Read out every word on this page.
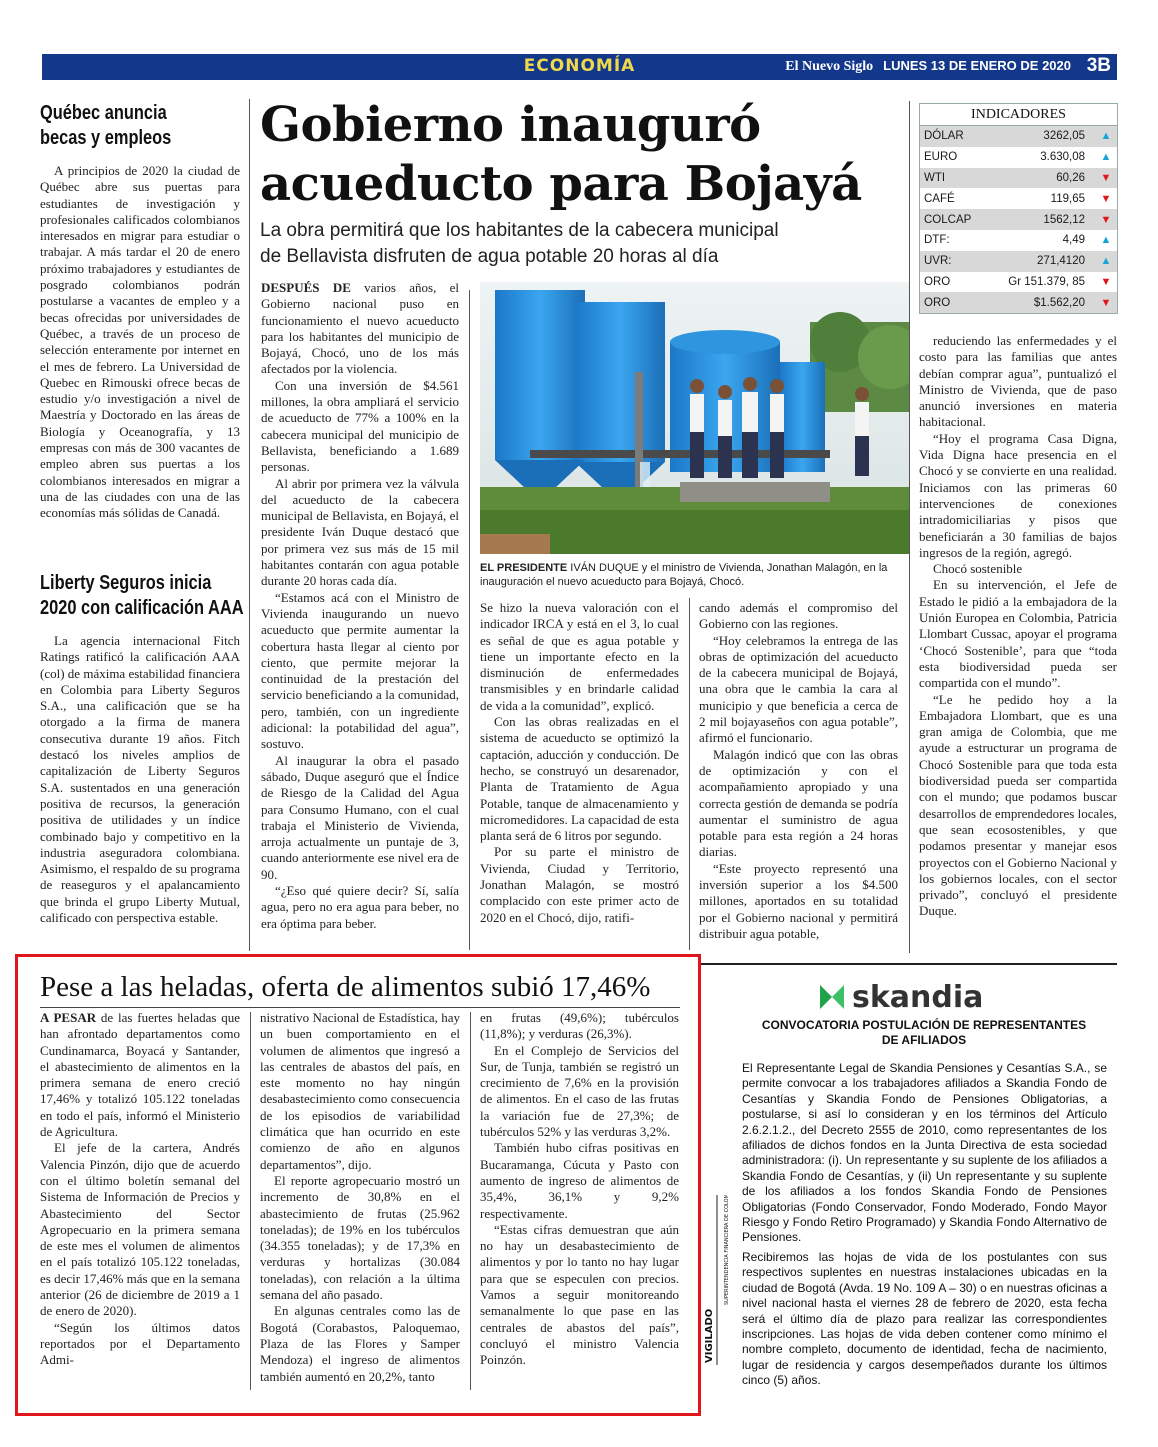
ECONOMÍA	El Nuevo Siglo LUNES 13 DE ENERO DE 2020 3B
Québec anuncia
becas y empleos

A principios de 2020 la ciudad de Québec abre sus puertas para estudiantes de investigación y profesionales calificados colombianos interesados en migrar para estudiar o trabajar. A más tardar el 20 de enero próximo trabajadores y estudiantes de posgrado colombianos podrán postularse a vacantes de empleo y a becas ofrecidas por universidades de Québec, a través de un proceso de selección enteramente por internet en el mes de febrero. La Universidad de Quebec en Rimouski ofrece becas de estudio y/o investigación a nivel de Maestría y Doctorado en las áreas de Biología y Oceanografía, y 13 empresas con más de 300 vacantes de empleo abren sus puertas a los colombianos interesados en migrar a una de las ciudades con una de las economías más sólidas de Canadá.

Liberty Seguros inicia
2020 con calificación AAA

La agencia internacional Fitch Ratings ratificó la calificación AAA (col) de máxima estabilidad financiera en Colombia para Liberty Seguros S.A., una calificación que se ha otorgado a la firma de manera consecutiva durante 19 años. Fitch destacó los niveles amplios de capitalización de Liberty Seguros S.A. sustentados en una generación positiva de recursos, la generación positiva de utilidades y un índice combinado bajo y competitivo en la industria aseguradora colombiana. Asimismo, el respaldo de su programa de reaseguros y el apalancamiento que brinda el grupo Liberty Mutual, calificado con perspectiva estable.

Gobierno inauguró
acueducto para Bojayá
La obra permitirá que los habitantes de la cabecera municipal
de Bellavista disfruten de agua potable 20 horas al día
INDICADORES
DÓLAR	3262,05	▲
EURO	3.630,08	▲
WTI	60,26	▼
CAFÉ	119,65	▼
COLCAP	1562,12	▼
DTF:	4,49	▲
UVR:	271,4120	▲
ORO	Gr 151.379, 85	▼
ORO	$1.562,20	▼

DESPUÉS DE varios años, el Gobierno nacional puso en funcionamiento el nuevo acueducto para los habitantes del municipio de Bojayá, Chocó, uno de los más afectados por la violencia.

Con una inversión de $4.561 millones, la obra ampliará el servicio de acueducto de 77% a 100% en la cabecera municipal del municipio de Bellavista, beneficiando a 1.689 personas.

Al abrir por primera vez la válvula del acueducto de la cabecera municipal de Bellavista, en Bojayá, el presidente Iván Duque destacó que por primera vez sus más de 15 mil habitantes contarán con agua potable durante 20 horas cada día.

“Estamos acá con el Ministro de Vivienda inaugurando un nuevo acueducto que permite aumentar la cobertura hasta llegar al ciento por ciento, que permite mejorar la continuidad de la prestación del servicio beneficiando a la comunidad, pero, también, con un ingrediente adicional: la potabilidad del agua”, sostuvo.

Al inaugurar la obra el pasado sábado, Duque aseguró que el Índice de Riesgo de la Calidad del Agua para Consumo Humano, con el cual trabaja el Ministerio de Vivienda, arroja actualmente un puntaje de 3, cuando anteriormente ese nivel era de 90.

“¿Eso qué quiere decir? Sí, salía agua, pero no era agua para beber, no era óptima para beber.

EL PRESIDENTE IVÁN DUQUE y el ministro de Vivienda, Jonathan Malagón, en la inauguración el nuevo acueducto para Bojayá, Chocó.

Se hizo la nueva valoración con el indicador IRCA y está en el 3, lo cual es señal de que es agua potable y tiene un importante efecto en la disminución de enfermedades transmisibles y en brindarle calidad de vida a la comunidad”, explicó.

Con las obras realizadas en el sistema de acueducto se optimizó la captación, aducción y conducción. De hecho, se construyó un desarenador, Planta de Tratamiento de Agua Potable, tanque de almacenamiento y micromedidores. La capacidad de esta planta será de 6 litros por segundo.

Por su parte el ministro de Vivienda, Ciudad y Territorio, Jonathan Malagón, se mostró complacido con este primer acto de 2020 en el Chocó, dijo, ratifi-

cando además el compromiso del Gobierno con las regiones.

“Hoy celebramos la entrega de las obras de optimización del acueducto de la cabecera municipal de Bojayá, una obra que le cambia la cara al municipio y que beneficia a cerca de 2 mil bojayaseños con agua potable”, afirmó el funcionario.

Malagón indicó que con las obras de optimización y con el acompañamiento apropiado y una correcta gestión de demanda se podría aumentar el suministro de agua potable para esta región a 24 horas diarias.

“Este proyecto representó una inversión superior a los $4.500 millones, aportados en su totalidad por el Gobierno nacional y permitirá distribuir agua potable,

reduciendo las enfermedades y el costo para las familias que antes debían comprar agua”, puntualizó el Ministro de Vivienda, que de paso anunció inversiones en materia habitacional.

“Hoy el programa Casa Digna, Vida Digna hace presencia en el Chocó y se convierte en una realidad. Iniciamos con las primeras 60 intervenciones de conexiones intradomiciliarias y pisos que beneficiarán a 30 familias de bajos ingresos de la región, agregó.

Chocó sostenible

En su intervención, el Jefe de Estado le pidió a la embajadora de la Unión Europea en Colombia, Patricia Llombart Cussac, apoyar el programa ‘Chocó Sostenible’, para que “toda esta biodiversidad pueda ser compartida con el mundo”.

“Le he pedido hoy a la Embajadora Llombart, que es una gran amiga de Colombia, que me ayude a estructurar un programa de Chocó Sostenible para que toda esta biodiversidad pueda ser compartida con el mundo; que podamos buscar desarrollos de emprendedores locales, que sean ecosostenibles, y que podamos presentar y manejar esos proyectos con el Gobierno Nacional y los gobiernos locales, con el sector privado”, concluyó el presidente Duque.

Pese a las heladas, oferta de alimentos subió 17,46%

A PESAR de las fuertes heladas que han afrontado departamentos como Cundinamarca, Boyacá y Santander, el abastecimiento de alimentos en la primera semana de enero creció 17,46% y totalizó 105.122 toneladas en todo el país, informó el Ministerio de Agricultura.

El jefe de la cartera, Andrés Valencia Pinzón, dijo que de acuerdo con el último boletín semanal del Sistema de Información de Precios y Abastecimiento del Sector Agropecuario en la primera semana de este mes el volumen de alimentos en el país totalizó 105.122 toneladas, es decir 17,46% más que en la semana anterior (26 de diciembre de 2019 a 1 de enero de 2020).

“Según los últimos datos reportados por el Departamento Admi-

nistrativo Nacional de Estadística, hay un buen comportamiento en el volumen de alimentos que ingresó a las centrales de abastos del país, en este momento no hay ningún desabastecimiento como consecuencia de los episodios de variabilidad climática que han ocurrido en este comienzo de año en algunos departamentos”, dijo.

El reporte agropecuario mostró un incremento de 30,8% en el abastecimiento de frutas (25.962 toneladas); de 19% en los tubérculos (34.355 toneladas); y de 17,3% en verduras y hortalizas (30.084 toneladas), con relación a la última semana del año pasado.

En algunas centrales como las de Bogotá (Corabastos, Paloquemao, Plaza de las Flores y Samper Mendoza) el ingreso de alimentos también aumentó en 20,2%, tanto

en frutas (49,6%); tubérculos (11,8%); y verduras (26,3%).

En el Complejo de Servicios del Sur, de Tunja, también se registró un crecimiento de 7,6% en la provisión de alimentos. En el caso de las frutas la variación fue de 27,3%; de tubérculos 52% y las verduras 3,2%.

También hubo cifras positivas en Bucaramanga, Cúcuta y Pasto con aumento de ingreso de alimentos de 35,4%, 36,1% y 9,2% respectivamente.

“Estas cifras demuestran que aún no hay un desabastecimiento de alimentos y por lo tanto no hay lugar para que se especulen con precios. Vamos a seguir monitoreando semanalmente lo que pase en las centrales de abastos del país”, concluyó el ministro Valencia Poinzón.

skandia
CONVOCATORIA POSTULACIÓN DE REPRESENTANTES
DE AFILIADOS

El Representante Legal de Skandia Pensiones y Cesantías S.A., se permite convocar a los trabajadores afiliados a Skandia Fondo de Cesantías y Skandia Fondo de Pensiones Obligatorias, a postularse, si así lo consideran y en los términos del Artículo 2.6.2.1.2., del Decreto 2555 de 2010, como representantes de los afiliados de dichos fondos en la Junta Directiva de esta sociedad administradora: (i). Un representante y su suplente de los afiliados a Skandia Fondo de Cesantías, y (ii) Un representante y su suplente de los afiliados a los fondos Skandia Fondo de Pensiones Obligatorias (Fondo Conservador, Fondo Moderado, Fondo Mayor Riesgo y Fondo Retiro Programado) y Skandia Fondo Alternativo de Pensiones.

Recibiremos las hojas de vida de los postulantes con sus respectivos suplentes en nuestras instalaciones ubicadas en la ciudad de Bogotá (Avda. 19 No. 109 A – 30) o en nuestras oficinas a nivel nacional hasta el viernes 28 de febrero de 2020, esta fecha será el último día de plazo para realizar las correspondientes inscripciones. Las hojas de vida deben contener como mínimo el nombre completo, documento de identidad, fecha de nacimiento, lugar de residencia y cargos desempeñados durante los últimos cinco (5) años.

VIGILADO
SUPERINTENDENCIA FINANCIERA DE COLOMBIA
